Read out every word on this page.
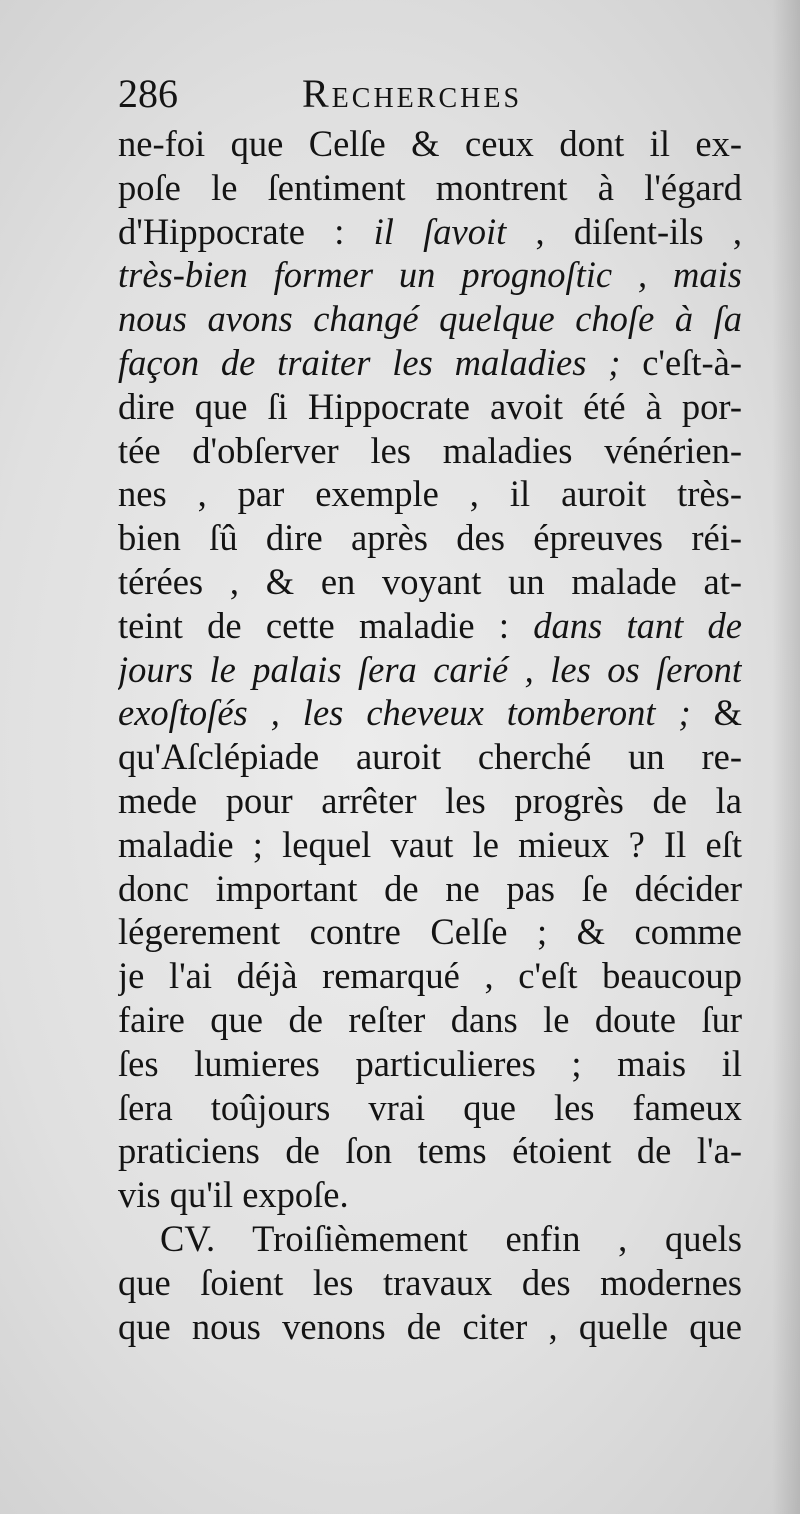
286	Recherches
ne-foi que Celſe & ceux dont il ex-
poſe le ſentiment montrent à l'égard
d'Hippocrate : il ſavoit , diſent-ils ,
très-bien former un prognoſtic , mais
nous avons changé quelque choſe à ſa
façon de traiter les maladies ; c'eſt-à-
dire que ſi Hippocrate avoit été à por-
tée d'obſerver les maladies vénérien-
nes , par exemple , il auroit très-
bien ſû dire après des épreuves réi-
térées , & en voyant un malade at-
teint de cette maladie : dans tant de
jours le palais ſera carié , les os ſeront
exoſtoſés , les cheveux tomberont ; &
qu'Aſclépiade auroit cherché un re-
mede pour arrêter les progrès de la
maladie ; lequel vaut le mieux ? Il eſt
donc important de ne pas ſe décider
légerement contre Celſe ; & comme
je l'ai déjà remarqué , c'eſt beaucoup
faire que de reſter dans le doute ſur
ſes lumieres particulieres ; mais il
ſera toûjours vrai que les fameux
praticiens de ſon tems étoient de l'a-
vis qu'il expoſe.
CV. Troiſièmement enfin , quels
que ſoient les travaux des modernes
que nous venons de citer , quelle que
